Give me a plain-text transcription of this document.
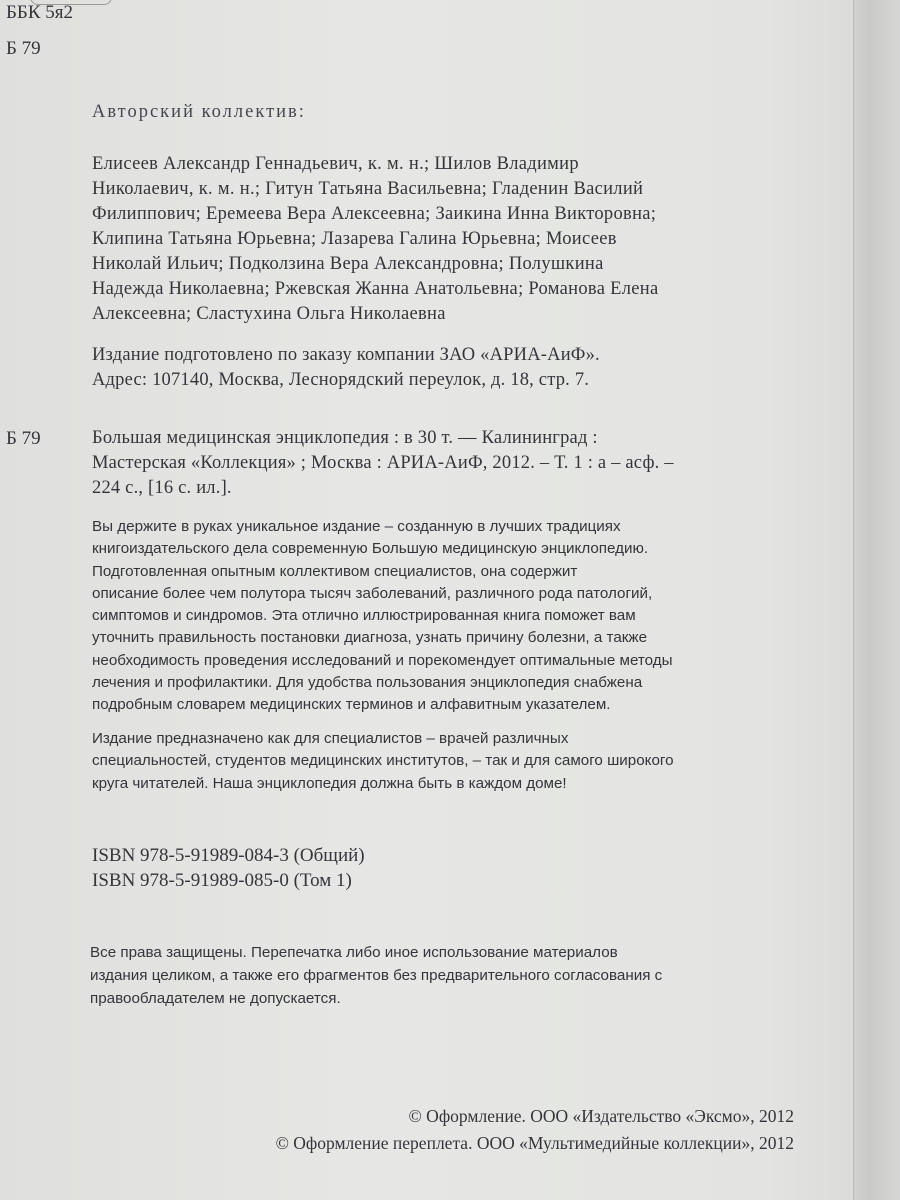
ББК 5я2
Б 79
Авторский коллектив:
Елисеев Александр Геннадьевич, к. м. н.; Шилов Владимир
Николаевич, к. м. н.; Гитун Татьяна Васильевна; Гладенин Василий
Филиппович; Еремеева Вера Алексеевна; Заикина Инна Викторовна;
Клипина Татьяна Юрьевна; Лазарева Галина Юрьевна; Моисеев
Николай Ильич; Подколзина Вера Александровна; Полушкина
Надежда Николаевна; Ржевская Жанна Анатольевна; Романова Елена
Алексеевна; Сластухина Ольга Николаевна
Издание подготовлено по заказу компании ЗАО «АРИА-АиФ».
Адрес: 107140, Москва, Леснорядский переулок, д. 18, стр. 7.
Б 79	Большая медицинская энциклопедия : в 30 т. — Калининград :
Мастерская «Коллекция» ; Москва : АРИА-АиФ, 2012. – Т. 1 : а – асф. –
224 с., [16 с. ил.].
Вы держите в руках уникальное издание – созданную в лучших традициях
книгоиздательского дела современную Большую медицинскую энциклопедию.
Подготовленная опытным коллективом специалистов, она содержит
описание более чем полутора тысяч заболеваний, различного рода патологий,
симптомов и синдромов. Эта отлично иллюстрированная книга поможет вам
уточнить правильность постановки диагноза, узнать причину болезни, а также
необходимость проведения исследований и порекомендует оптимальные методы
лечения и профилактики. Для удобства пользования энциклопедия снабжена
подробным словарем медицинских терминов и алфавитным указателем.
Издание предназначено как для специалистов – врачей различных
специальностей, студентов медицинских институтов, – так и для самого широкого
круга читателей. Наша энциклопедия должна быть в каждом доме!
ISBN 978-5-91989-084-3 (Общий)
ISBN 978-5-91989-085-0 (Том 1)
Все права защищены. Перепечатка либо иное использование материалов
издания целиком, а также его фрагментов без предварительного согласования с
правообладателем не допускается.
© Оформление. ООО «Издательство «Эксмо», 2012
© Оформление переплета. ООО «Мультимедийные коллекции», 2012
